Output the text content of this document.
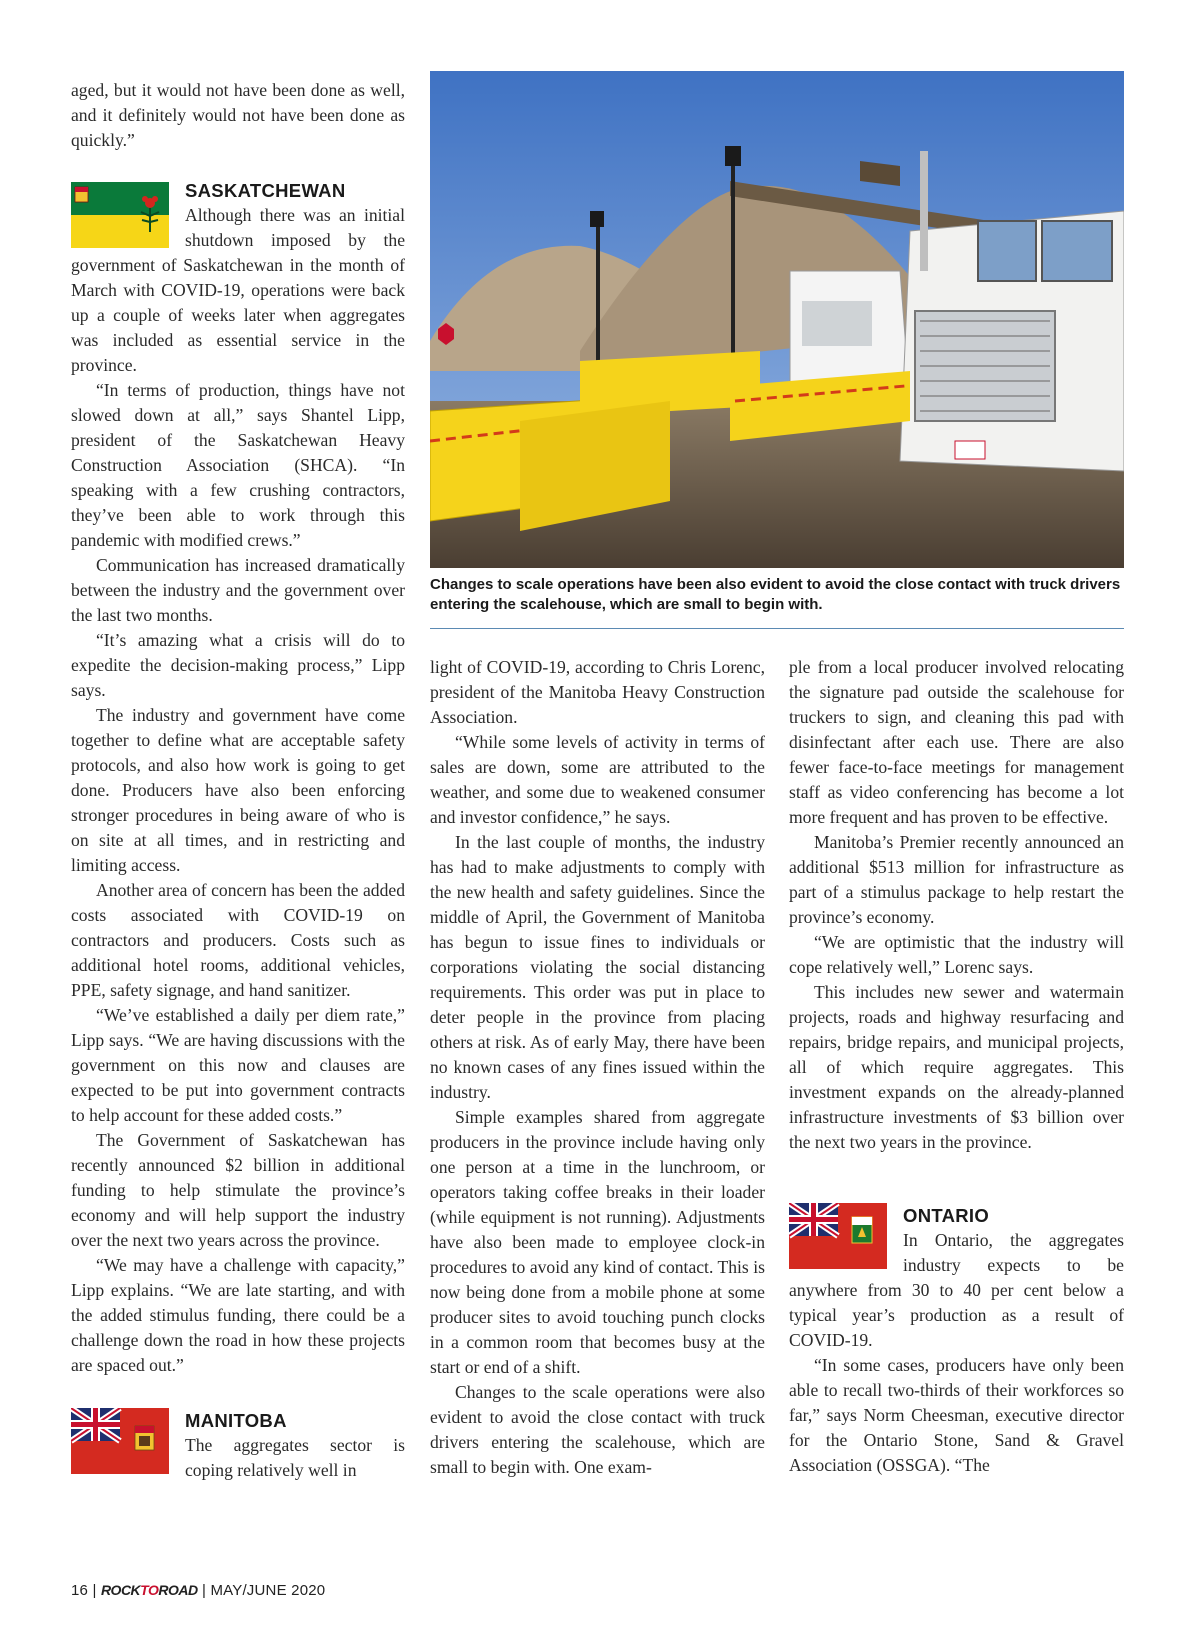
aged, but it would not have been done as well, and it definitely would not have been done as quickly.”

SASKATCHEWAN

Although there was an initial shutdown imposed by the government of Saskatchewan in the month of March with COVID-19, operations were back up a couple of weeks later when aggregates was included as essential service in the province.

“In terms of production, things have not slowed down at all,” says Shantel Lipp, president of the Saskatchewan Heavy Construction Association (SHCA). “In speaking with a few crushing contractors, they’ve been able to work through this pandemic with modified crews.”

Communication has increased dramatically between the industry and the government over the last two months.

“It’s amazing what a crisis will do to expedite the decision-making process,” Lipp says.

The industry and government have come together to define what are acceptable safety protocols, and also how work is going to get done. Producers have also been enforcing stronger procedures in being aware of who is on site at all times, and in restricting and limiting access.

Another area of concern has been the added costs associated with COVID-19 on contractors and producers. Costs such as additional hotel rooms, additional vehicles, PPE, safety signage, and hand sanitizer.

“We’ve established a daily per diem rate,” Lipp says. “We are having discussions with the government on this now and clauses are expected to be put into government contracts to help account for these added costs.”

The Government of Saskatchewan has recently announced $2 billion in additional funding to help stimulate the province’s economy and will help support the industry over the next two years across the province.

“We may have a challenge with capacity,” Lipp explains. “We are late starting, and with the added stimulus funding, there could be a challenge down the road in how these projects are spaced out.”

MANITOBA

The aggregates sector is coping relatively well in

Changes to scale operations have been also evident to avoid the close contact with truck drivers entering the scalehouse, which are small to begin with.

light of COVID-19, according to Chris Lorenc, president of the Manitoba Heavy Construction Association.

“While some levels of activity in terms of sales are down, some are attributed to the weather, and some due to weakened consumer and investor confidence,” he says.

In the last couple of months, the industry has had to make adjustments to comply with the new health and safety guidelines. Since the middle of April, the Government of Manitoba has begun to issue fines to individuals or corporations violating the social distancing requirements. This order was put in place to deter people in the province from placing others at risk. As of early May, there have been no known cases of any fines issued within the industry.

Simple examples shared from aggregate producers in the province include having only one person at a time in the lunchroom, or operators taking coffee breaks in their loader (while equipment is not running). Adjustments have also been made to employee clock-in procedures to avoid any kind of contact. This is now being done from a mobile phone at some producer sites to avoid touching punch clocks in a common room that becomes busy at the start or end of a shift.

Changes to the scale operations were also evident to avoid the close contact with truck drivers entering the scalehouse, which are small to begin with. One exam-

ple from a local producer involved relocating the signature pad outside the scalehouse for truckers to sign, and cleaning this pad with disinfectant after each use. There are also fewer face-to-face meetings for management staff as video conferencing has become a lot more frequent and has proven to be effective.

Manitoba’s Premier recently announced an additional $513 million for infrastructure as part of a stimulus package to help restart the province’s economy.

“We are optimistic that the industry will cope relatively well,” Lorenc says.

This includes new sewer and watermain projects, roads and highway resurfacing and repairs, bridge repairs, and municipal projects, all of which require aggregates. This investment expands on the already-planned infrastructure investments of $3 billion over the next two years in the province.

ONTARIO

In Ontario, the aggregates industry expects to be anywhere from 30 to 40 per cent below a typical year’s production as a result of COVID-19.

“In some cases, producers have only been able to recall two-thirds of their workforces so far,” says Norm Cheesman, executive director for the Ontario Stone, Sand & Gravel Association (OSSGA). “The

16 | ROCKTOROAD | MAY/JUNE 2020
